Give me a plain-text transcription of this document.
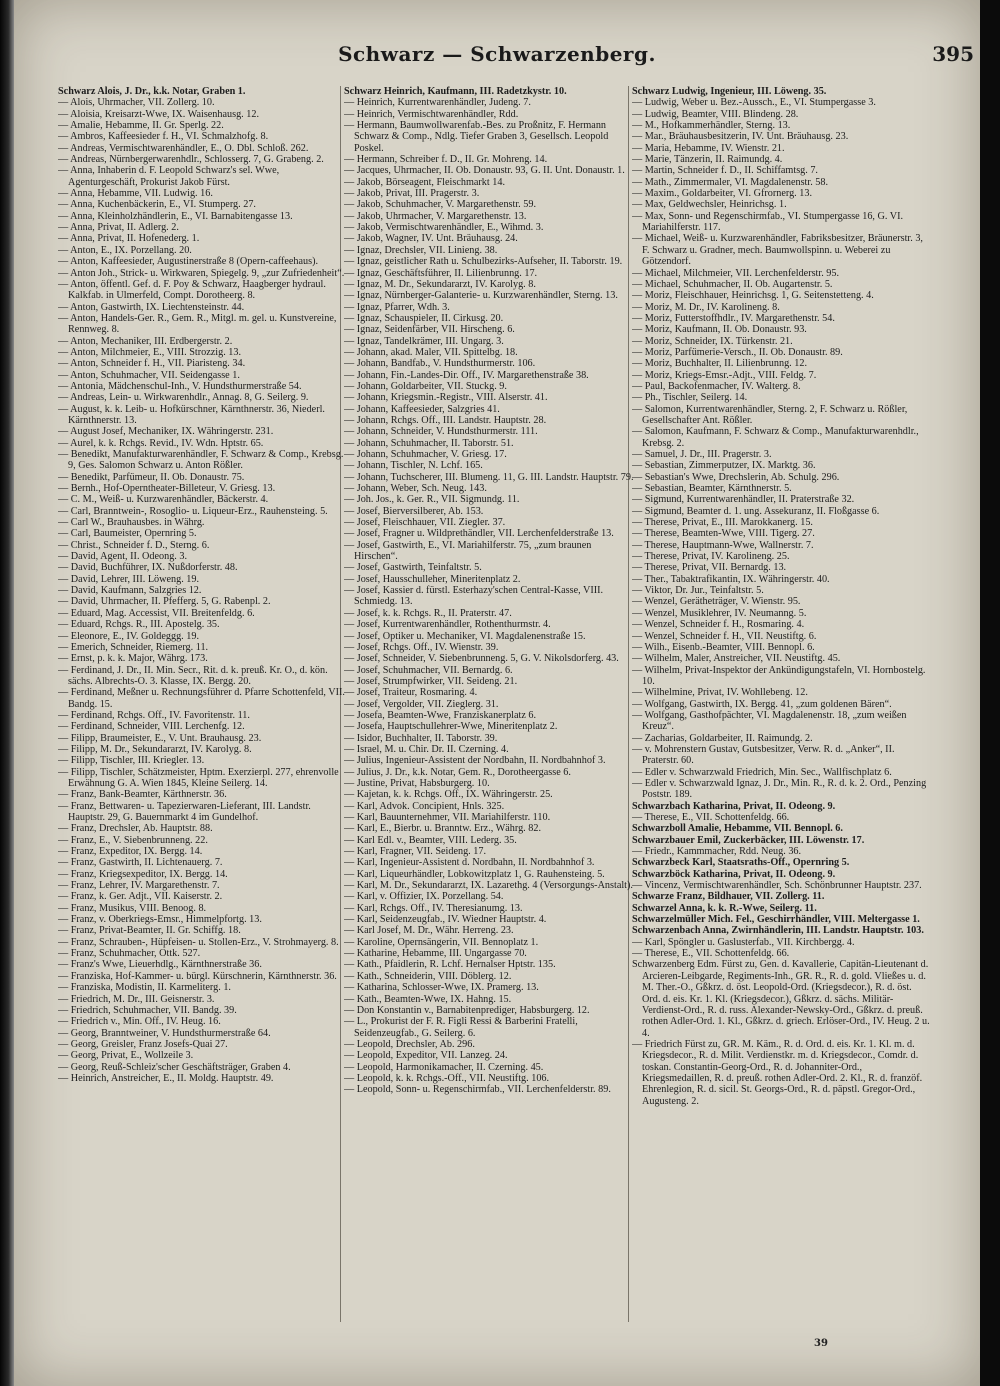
Schwarz — Schwarzenberg.	395

Schwarz Alois, J. Dr., k.k. Notar, Graben 1.

— Alois, Uhrmacher, VII. Zollerg. 10.

— Aloisia, Kreisarzt-Wwe, IX. Waisenhausg. 12.

— Amalie, Hebamme, II. Gr. Sperlg. 22.

— Ambros, Kaffeesieder f. H., VI. Schmalzhofg. 8.

— Andreas, Vermischtwarenhändler, E., O. Dbl. Schloß. 262.

— Andreas, Nürnbergerwarenhdlr., Schlosserg. 7, G. Grabeng. 2.

— Anna, Inhaberin d. F. Leopold Schwarz's sel. Wwe, Agenturgeschäft, Prokurist Jakob Fürst.

— Anna, Hebamme, VII. Ludwig. 16.

— Anna, Kuchenbäckerin, E., VI. Stumperg. 27.

— Anna, Kleinholzhändlerin, E., VI. Barnabitengasse 13.

— Anna, Privat, II. Adlerg. 2.

— Anna, Privat, II. Hofenederg. 1.

— Anton, E., IX. Porzellang. 20.

— Anton, Kaffeesieder, Augustinerstraße 8 (Opern-caffeehaus).

— Anton Joh., Strick- u. Wirkwaren, Spiegelg. 9, „zur Zufriedenheit“.

— Anton, öffentl. Gef. d. F. Poy & Schwarz, Haagberger hydraul. Kalkfab. in Ulmerfeld, Compt. Dorotheerg. 8.

— Anton, Gastwirth, IX. Liechtensteinstr. 44.

— Anton, Handels-Ger. R., Gem. R., Mitgl. m. gel. u. Kunstvereine, Rennweg. 8.

— Anton, Mechaniker, III. Erdbergerstr. 2.

— Anton, Milchmeier, E., VIII. Strozzig. 13.

— Anton, Schneider f. H., VII. Piaristeng. 34.

— Anton, Schuhmacher, VII. Seidengasse 1.

— Antonia, Mädchenschul-Inh., V. Hundsthurmerstraße 54.

— Andreas, Lein- u. Wirkwarenhdlr., Annag. 8, G. Seilerg. 9.

— August, k. k. Leib- u. Hofkürschner, Kärnthnerstr. 36, Niederl. Kärnthnerstr. 13.

— August Josef, Mechaniker, IX. Währingerstr. 231.

— Aurel, k. k. Rchgs. Revid., IV. Wdn. Hptstr. 65.

— Benedikt, Manufakturwarenhändler, F. Schwarz & Comp., Krebsg. 9, Ges. Salomon Schwarz u. Anton Rößler.

— Benedikt, Parfümeur, II. Ob. Donaustr. 75.

— Bernh., Hof-Operntheater-Billeteur, V. Griesg. 13.

— C. M., Weiß- u. Kurzwarenhändler, Bäckerstr. 4.

— Carl, Branntwein-, Rosoglio- u. Liqueur-Erz., Rauhensteing. 5.

— Carl W., Brauhausbes. in Währg.

— Carl, Baumeister, Opernring 5.

— Christ., Schneider f. D., Sterng. 6.

— David, Agent, II. Odeong. 3.

— David, Buchführer, IX. Nußdorferstr. 48.

— David, Lehrer, III. Löweng. 19.

— David, Kaufmann, Salzgries 12.

— David, Uhrmacher, II. Pfefferg. 5, G. Rabenpl. 2.

— Eduard, Mag. Accessist, VII. Breitenfeldg. 6.

— Eduard, Rchgs. R., III. Apostelg. 35.

— Eleonore, E., IV. Goldeggg. 19.

— Emerich, Schneider, Riemerg. 11.

— Ernst, p. k. k. Major, Währg. 173.

— Ferdinand, J. Dr., II. Min. Secr., Rit. d. k. preuß. Kr. O., d. kön. sächs. Albrechts-O. 3. Klasse, IX. Bergg. 20.

— Ferdinand, Meßner u. Rechnungsführer d. Pfarre Schottenfeld, VII. Bandg. 15.

— Ferdinand, Rchgs. Off., IV. Favoritenstr. 11.

— Ferdinand, Schneider, VIII. Lerchenfg. 12.

— Filipp, Braumeister, E., V. Unt. Brauhausg. 23.

— Filipp, M. Dr., Sekundararzt, IV. Karolyg. 8.

— Filipp, Tischler, III. Kriegler. 13.

— Filipp, Tischler, Schätzmeister, Hptm. Exerzierpl. 277, ehrenvolle Erwähnung G. A. Wien 1845, Kleine Seilerg. 14.

— Franz, Bank-Beamter, Kärthnerstr. 36.

— Franz, Bettwaren- u. Tapezierwaren-Lieferant, III. Landstr. Hauptstr. 29, G. Bauernmarkt 4 im Gundelhof.

— Franz, Drechsler, Ab. Hauptstr. 88.

— Franz, E., V. Siebenbrunneng. 22.

— Franz, Expeditor, IX. Bergg. 14.

— Franz, Gastwirth, II. Lichtenauerg. 7.

— Franz, Kriegsexpeditor, IX. Bergg. 14.

— Franz, Lehrer, IV. Margarethenstr. 7.

— Franz, k. Ger. Adjt., VII. Kaiserstr. 2.

— Franz, Musikus, VIII. Benoog. 8.

— Franz, v. Oberkriegs-Emsr., Himmelpfortg. 13.

— Franz, Privat-Beamter, II. Gr. Schiffg. 18.

— Franz, Schrauben-, Hüpfeisen- u. Stollen-Erz., V. Strohmayerg. 8.

— Franz, Schuhmacher, Ottk. 527.

— Franz's Wwe, Lieuerhdlg., Kärnthnerstraße 36.

— Franziska, Hof-Kammer- u. bürgl. Kürschnerin, Kärnthnerstr. 36.

— Franziska, Modistin, II. Karmeliterg. 1.

— Friedrich, M. Dr., III. Geisnerstr. 3.

— Friedrich, Schuhmacher, VII. Bandg. 39.

— Friedrich v., Min. Off., IV. Heug. 16.

— Georg, Branntweiner, V. Hundsthurmerstraße 64.

— Georg, Greisler, Franz Josefs-Quai 27.

— Georg, Privat, E., Wollzeile 3.

— Georg, Reuß-Schleiz'scher Geschäftsträger, Graben 4.

— Heinrich, Anstreicher, E., II. Moldg. Hauptstr. 49.

Schwarz Heinrich, Kaufmann, III. Radetzkystr. 10.

— Heinrich, Kurrentwarenhändler, Judeng. 7.

— Heinrich, Vermischtwarenhändler, Rdd.

— Hermann, Baumwollwarenfab.-Bes. zu Proßnitz, F. Hermann Schwarz & Comp., Ndlg. Tiefer Graben 3, Gesellsch. Leopold Poskel.

— Hermann, Schreiber f. D., II. Gr. Mohreng. 14.

— Jacques, Uhrmacher, II. Ob. Donaustr. 93, G. II. Unt. Donaustr. 1.

— Jakob, Börseagent, Fleischmarkt 14.

— Jakob, Privat, III. Pragerstr. 3.

— Jakob, Schuhmacher, V. Margarethenstr. 59.

— Jakob, Uhrmacher, V. Margarethenstr. 13.

— Jakob, Vermischtwarenhändler, E., Wihmd. 3.

— Jakob, Wagner, IV. Unt. Bräuhausg. 24.

— Ignaz, Drechsler, VII. Linieng. 38.

— Ignaz, geistlicher Rath u. Schulbezirks-Aufseher, II. Taborstr. 19.

— Ignaz, Geschäftsführer, II. Lilienbrunng. 17.

— Ignaz, M. Dr., Sekundararzt, IV. Karolyg. 8.

— Ignaz, Nürnberger-Galanterie- u. Kurzwarenhändler, Sterng. 13.

— Ignaz, Pfarrer, Wdh. 3.

— Ignaz, Schauspieler, II. Cirkusg. 20.

— Ignaz, Seidenfärber, VII. Hirscheng. 6.

— Ignaz, Tandelkrämer, III. Ungarg. 3.

— Johann, akad. Maler, VII. Spittelbg. 18.

— Johann, Bandfab., V. Hundsthurmerstr. 106.

— Johann, Fin.-Landes-Dir. Off., IV. Margarethenstraße 38.

— Johann, Goldarbeiter, VII. Stuckg. 9.

— Johann, Kriegsmin.-Registr., VIII. Alserstr. 41.

— Johann, Kaffeesieder, Salzgries 41.

— Johann, Rchgs. Off., III. Landstr. Hauptstr. 28.

— Johann, Schneider, V. Hundsthurmerstr. 111.

— Johann, Schuhmacher, II. Taborstr. 51.

— Johann, Schuhmacher, V. Griesg. 17.

— Johann, Tischler, N. Lchf. 165.

— Johann, Tuchscherer, III. Blumeng. 11, G. III. Landstr. Hauptstr. 79.

— Johann, Weber, Sch. Neug. 143.

— Joh. Jos., k. Ger. R., VII. Sigmundg. 11.

— Josef, Bierversilberer, Ab. 153.

— Josef, Fleischhauer, VII. Ziegler. 37.

— Josef, Fragner u. Wildprethändler, VII. Lerchenfelderstraße 13.

— Josef, Gastwirth, E., VI. Mariahilferstr. 75, „zum braunen Hirschen“.

— Josef, Gastwirth, Teinfaltstr. 5.

— Josef, Hausschulleher, Mineritenplatz 2.

— Josef, Kassier d. fürstl. Esterhazy'schen Central-Kasse, VIII. Schmiedg. 13.

— Josef, k. k. Rchgs. R., II. Praterstr. 47.

— Josef, Kurrentwarenhändler, Rothenthurmstr. 4.

— Josef, Optiker u. Mechaniker, VI. Magdalenenstraße 15.

— Josef, Rchgs. Off., IV. Wienstr. 39.

— Josef, Schneider, V. Siebenbrunneng. 5, G. V. Nikolsdorferg. 43.

— Josef, Schuhmacher, VII. Bernardg. 6.

— Josef, Strumpfwirker, VII. Seideng. 21.

— Josef, Traiteur, Rosmaring. 4.

— Josef, Vergolder, VII. Zieglerg. 31.

— Josefa, Beamten-Wwe, Franziskanerplatz 6.

— Josefa, Hauptschullehrer-Wwe, Mineritenplatz 2.

— Isidor, Buchhalter, II. Taborstr. 39.

— Israel, M. u. Chir. Dr. II. Czerning. 4.

— Julius, Ingenieur-Assistent der Nordbahn, II. Nordbahnhof 3.

— Julius, J. Dr., k.k. Notar, Gem. R., Dorotheergasse 6.

— Justine, Privat, Habsburgerg. 10.

— Kajetan, k. k. Rchgs. Off., IX. Währingerstr. 25.

— Karl, Advok. Concipient, Hnls. 325.

— Karl, Bauunternehmer, VII. Mariahilferstr. 110.

— Karl, E., Bierbr. u. Branntw. Erz., Währg. 82.

— Karl Edl. v., Beamter, VIII. Lederg. 35.

— Karl, Fragner, VII. Seideng. 17.

— Karl, Ingenieur-Assistent d. Nordbahn, II. Nordbahnhof 3.

— Karl, Liqueurhändler, Lobkowitzplatz 1, G. Rauhensteing. 5.

— Karl, M. Dr., Sekundararzt, IX. Lazarethg. 4 (Versorgungs-Anstalt).

— Karl, v. Offizier, IX. Porzellang. 54.

— Karl, Rchgs. Off., IV. Theresianumg. 13.

— Karl, Seidenzeugfab., IV. Wiedner Hauptstr. 4.

— Karl Josef, M. Dr., Währ. Herreng. 23.

— Karoline, Opernsängerin, VII. Bennoplatz 1.

— Katharine, Hebamme, III. Ungargasse 70.

— Kath., Pfaidlerin, R. Lchf. Hernalser Hptstr. 135.

— Kath., Schneiderin, VIII. Döblerg. 12.

— Katharina, Schlosser-Wwe, IX. Pramerg. 13.

— Kath., Beamten-Wwe, IX. Hahng. 15.

— Don Konstantin v., Barnabitenprediger, Habsburgerg. 12.

— L., Prokurist der F. R. Figli Ressi & Barberini Fratelli, Seidenzeugfab., G. Seilerg. 6.

— Leopold, Drechsler, Ab. 296.

— Leopold, Expeditor, VII. Lanzeg. 24.

— Leopold, Harmonikamacher, II. Czerning. 45.

— Leopold, k. k. Rchgs.-Off., VII. Neustiftg. 106.

— Leopold, Sonn- u. Regenschirmfab., VII. Lerchenfelderstr. 89.

Schwarz Ludwig, Ingenieur, III. Löweng. 35.

— Ludwig, Weber u. Bez.-Aussch., E., VI. Stumpergasse 3.

— Ludwig, Beamter, VIII. Blindeng. 28.

— M., Hofkammerhändler, Sterng. 13.

— Mar., Bräuhausbesitzerin, IV. Unt. Bräuhausg. 23.

— Maria, Hebamme, IV. Wienstr. 21.

— Marie, Tänzerin, II. Raimundg. 4.

— Martin, Schneider f. D., II. Schiffamtsg. 7.

— Math., Zimmermaler, VI. Magdalenenstr. 58.

— Maxim., Goldarbeiter, VI. Gfrornerg. 13.

— Max, Geldwechsler, Heinrichsg. 1.

— Max, Sonn- und Regenschirmfab., VI. Stumpergasse 16, G. VI. Mariahilferstr. 117.

— Michael, Weiß- u. Kurzwarenhändler, Fabriksbesitzer, Bräunerstr. 3, F. Schwarz u. Gradner, mech. Baumwollspinn. u. Weberei zu Götzendorf.

— Michael, Milchmeier, VII. Lerchenfelderstr. 95.

— Michael, Schuhmacher, II. Ob. Augartenstr. 5.

— Moriz, Fleischhauer, Heinrichsg. 1, G. Seitenstetteng. 4.

— Moriz, M. Dr., IV. Karolineng. 8.

— Moriz, Futterstoffhdlr., IV. Margarethenstr. 54.

— Moriz, Kaufmann, II. Ob. Donaustr. 93.

— Moriz, Schneider, IX. Türkenstr. 21.

— Moriz, Parfümerie-Versch., II. Ob. Donaustr. 89.

— Moriz, Buchhalter, II. Lilienbrunng. 12.

— Moriz, Kriegs-Emsr.-Adjt., VIII. Feldg. 7.

— Paul, Backofenmacher, IV. Walterg. 8.

— Ph., Tischler, Seilerg. 14.

— Salomon, Kurrentwarenhändler, Sterng. 2, F. Schwarz u. Rößler, Gesellschafter Ant. Rößler.

— Salomon, Kaufmann, F. Schwarz & Comp., Manufakturwarenhdlr., Krebsg. 2.

— Samuel, J. Dr., III. Pragerstr. 3.

— Sebastian, Zimmerputzer, IX. Marktg. 36.

— Sebastian's Wwe, Drechslerin, Ab. Schulg. 296.

— Sebastian, Beamter, Kärnthnerstr. 5.

— Sigmund, Kurrentwarenhändler, II. Praterstraße 32.

— Sigmund, Beamter d. 1. ung. Assekuranz, II. Floßgasse 6.

— Therese, Privat, E., III. Marokkanerg. 15.

— Therese, Beamten-Wwe, VIII. Tigerg. 27.

— Therese, Hauptmann-Wwe, Wallnerstr. 7.

— Therese, Privat, IV. Karolineng. 25.

— Therese, Privat, VII. Bernardg. 13.

— Ther., Tabaktrafikantin, IX. Währingerstr. 40.

— Viktor, Dr. Jur., Teinfaltstr. 5.

— Wenzel, Gerätheträger, V. Wienstr. 95.

— Wenzel, Musiklehrer, IV. Neumanng. 5.

— Wenzel, Schneider f. H., Rosmaring. 4.

— Wenzel, Schneider f. H., VII. Neustiftg. 6.

— Wilh., Eisenb.-Beamter, VIII. Bennopl. 6.

— Wilhelm, Maler, Anstreicher, VII. Neustiftg. 45.

— Wilhelm, Privat-Inspektor der Ankündigungstafeln, VI. Hornbostelg. 10.

— Wilhelmine, Privat, IV. Wohllebeng. 12.

— Wolfgang, Gastwirth, IX. Bergg. 41, „zum goldenen Bären“.

— Wolfgang, Gasthofpächter, VI. Magdalenenstr. 18, „zum weißen Kreuz“.

— Zacharias, Goldarbeiter, II. Raimundg. 2.

— v. Mohrenstern Gustav, Gutsbesitzer, Verw. R. d. „Anker“, II. Praterstr. 60.

— Edler v. Schwarzwald Friedrich, Min. Sec., Wallfischplatz 6.

— Edler v. Schwarzwald Ignaz, J. Dr., Min. R., R. d. k. 2. Ord., Penzing Poststr. 189.

Schwarzbach Katharina, Privat, II. Odeong. 9.

— Therese, E., VII. Schottenfeldg. 66.

Schwarzboll Amalie, Hebamme, VII. Bennopl. 6.

Schwarzbauer Emil, Zuckerbäcker, III. Löwenstr. 17.

— Friedr., Kammmacher, Rdd. Neug. 36.

Schwarzbeck Karl, Staatsraths-Off., Opernring 5.

Schwarzböck Katharina, Privat, II. Odeong. 9.

— Vincenz, Vermischtwarenhändler, Sch. Schönbrunner Hauptstr. 237.

Schwarze Franz, Bildhauer, VII. Zollerg. 11.

Schwarzel Anna, k. k. R.-Wwe, Seilerg. 11.

Schwarzelmüller Mich. Fel., Geschirrhändler, VIII. Meltergasse 1.

Schwarzenbach Anna, Zwirnhändlerin, III. Landstr. Hauptstr. 103.

— Karl, Spöngler u. Gaslusterfab., VII. Kirchbergg. 4.

— Therese, E., VII. Schottenfeldg. 66.

Schwarzenberg Edm. Fürst zu, Gen. d. Kavallerie, Capitän-Lieutenant d. Arcieren-Leibgarde, Regiments-Inh., GR. R., R. d. gold. Vließes u. d. M. Ther.-O., Gßkrz. d. öst. Leopold-Ord. (Kriegsdecor.), R. d. öst. Ord. d. eis. Kr. 1. Kl. (Kriegsdecor.), Gßkrz. d. sächs. Militär-Verdienst-Ord., R. d. russ. Alexander-Newsky-Ord., Gßkrz. d. preuß. rothen Adler-Ord. 1. Kl., Gßkrz. d. griech. Erlöser-Ord., IV. Heug. 2 u. 4.

— Friedrich Fürst zu, GR. M. Käm., R. d. Ord. d. eis. Kr. 1. Kl. m. d. Kriegsdecor., R. d. Milit. Verdienstkr. m. d. Kriegsdecor., Comdr. d. toskan. Constantin-Georg-Ord., R. d. Johanniter-Ord., Kriegsmedaillen, R. d. preuß. rothen Adler-Ord. 2. Kl., R. d. franzöf. Ehrenlegion, R. d. sicil. St. Georgs-Ord., R. d. päpstl. Gregor-Ord., Augusteng. 2.

39
